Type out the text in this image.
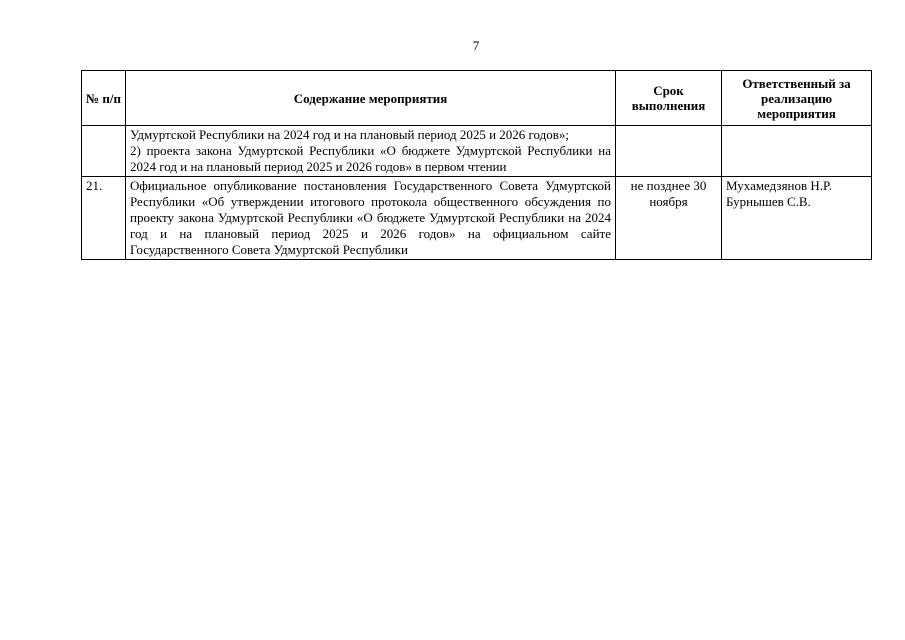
7
№ п/п	Содержание мероприятия	Срок выполнения	Ответственный за реализацию мероприятия

	Удмуртской Республики на 2024 год и на плановый период 2025 и 2026 годов»;
2) проекта закона Удмуртской Республики «О бюджете Удмуртской Республики на 2024 год и на плановый период 2025 и 2026 годов» в первом чтении		

21.	Официальное опубликование постановления Государственного Совета Удмуртской Республики «Об утверждении итогового протокола общественного обсуждения по проекту закона Удмуртской Республики «О бюджете Удмуртской Республики на 2024 год и на плановый период 2025 и 2026 годов» на официальном сайте Государственного Совета Удмуртской Республики	не позднее 30 ноября	Мухамедзянов Н.Р.
Бурнышев С.В.
